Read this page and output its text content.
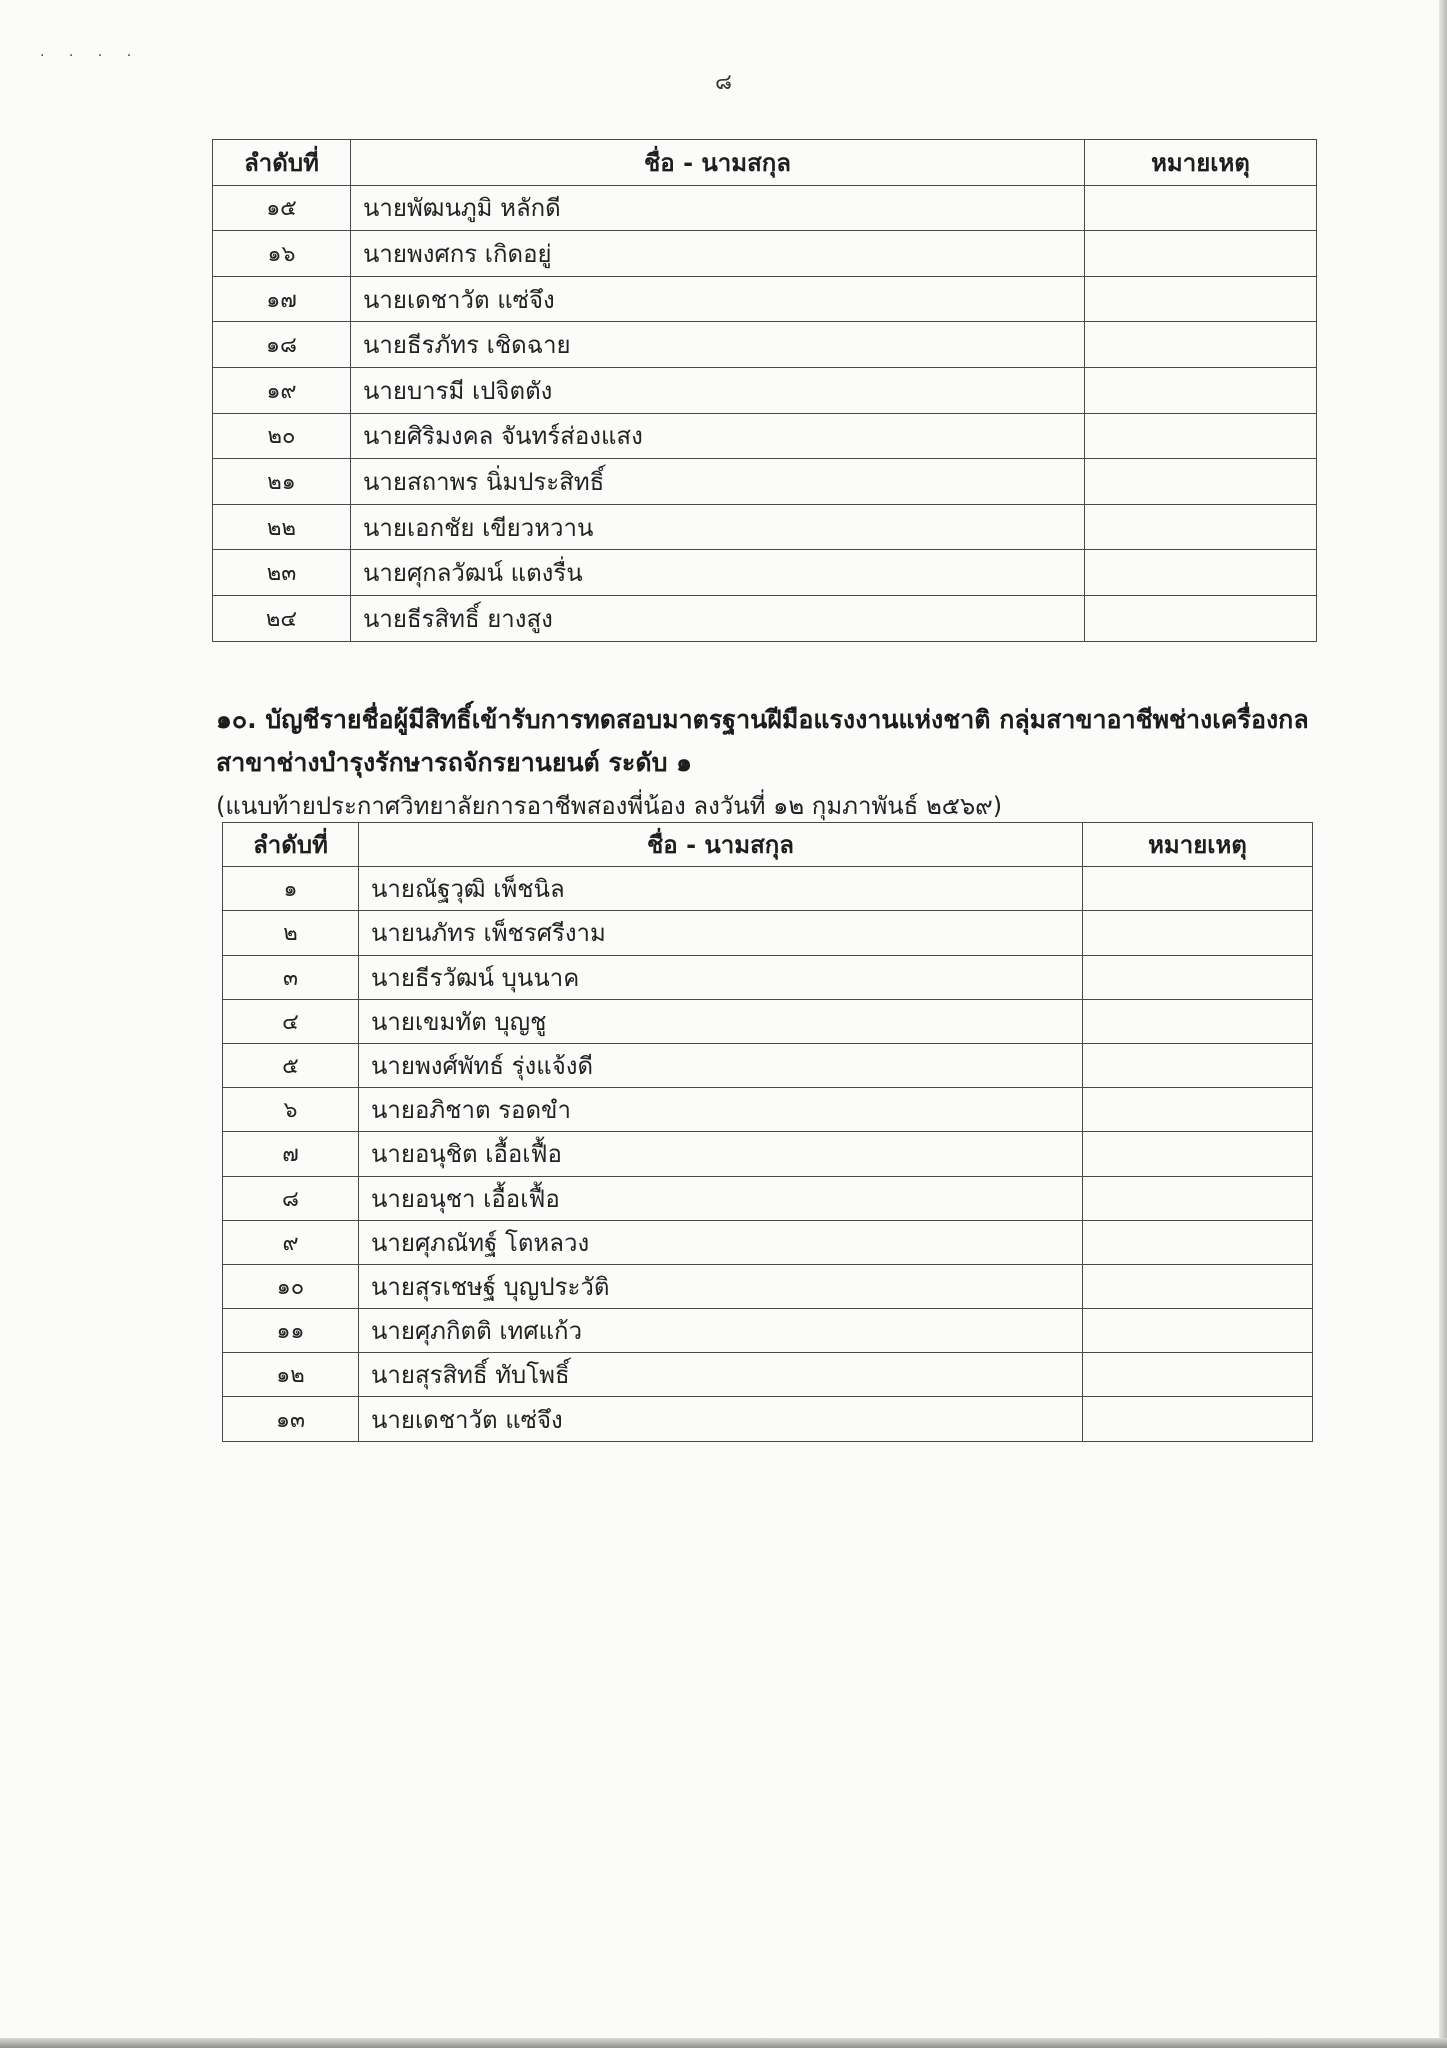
· · · ·
๘
ลำดับที่	ชื่อ - นามสกุล	หมายเหตุ
๑๕	นายพัฒนภูมิ หลักดี	
๑๖	นายพงศกร เกิดอยู่	
๑๗	นายเดชาวัต แซ่จึง	
๑๘	นายธีรภัทร เชิดฉาย	
๑๙	นายบารมี เปจิตตัง	
๒๐	นายศิริมงคล จันทร์ส่องแสง	
๒๑	นายสถาพร นิ่มประสิทธิ์	
๒๒	นายเอกชัย เขียวหวาน	
๒๓	นายศุกลวัฒน์ แตงรื่น	
๒๔	นายธีรสิทธิ์ ยางสูง	
๑๐. บัญชีรายชื่อผู้มีสิทธิ์เข้ารับการทดสอบมาตรฐานฝีมือแรงงานแห่งชาติ กลุ่มสาขาอาชีพช่างเครื่องกล
สาขาช่างบำรุงรักษารถจักรยานยนต์ ระดับ ๑
(แนบท้ายประกาศวิทยาลัยการอาชีพสองพี่น้อง ลงวันที่ ๑๒ กุมภาพันธ์ ๒๕๖๙)
ลำดับที่	ชื่อ - นามสกุล	หมายเหตุ
๑	นายณัฐวุฒิ เพ็ชนิล	
๒	นายนภัทร เพ็ชรศรีงาม	
๓	นายธีรวัฒน์ บุนนาค	
๔	นายเขมทัต บุญชู	
๕	นายพงศ์พัทธ์ รุ่งแจ้งดี	
๖	นายอภิชาต รอดขำ	
๗	นายอนุชิต เอื้อเฟื้อ	
๘	นายอนุชา เอื้อเฟื้อ	
๙	นายศุภณัทฐ์ โตหลวง	
๑๐	นายสุรเชษฐ์ บุญประวัติ	
๑๑	นายศุภกิตติ เทศแก้ว	
๑๒	นายสุรสิทธิ์ ทับโพธิ์	
๑๓	นายเดชาวัต แซ่จึง	
